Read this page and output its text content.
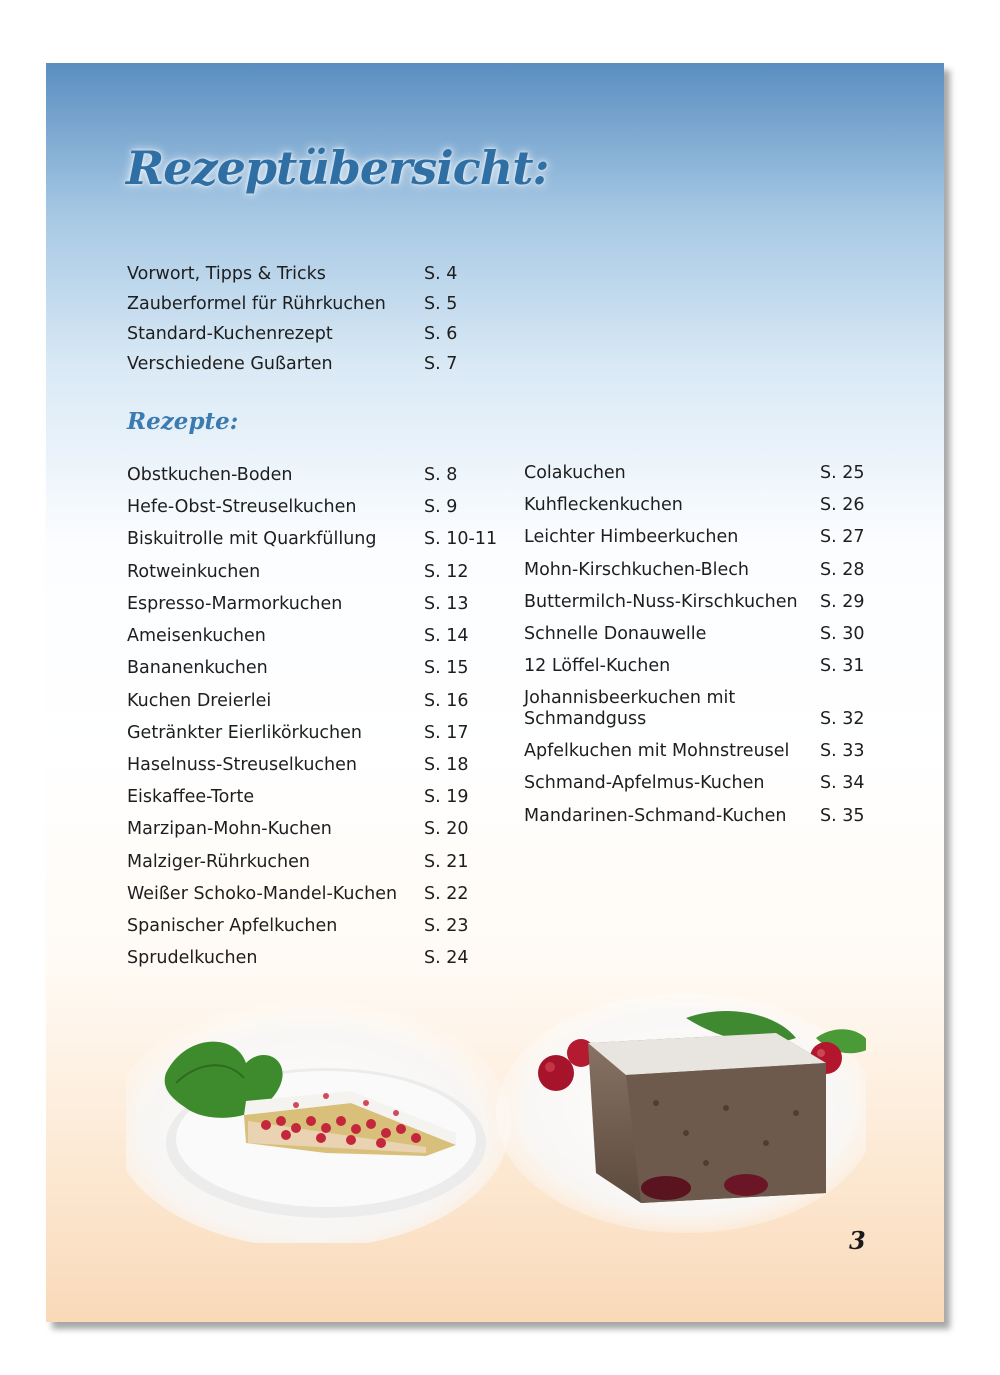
Rezeptübersicht:
Vorwort, Tipps & Tricks	S. 4
Zauberformel für Rührkuchen S. 5
Standard-Kuchenrezept	S. 6
Verschiedene Gußarten	S. 7
Rezepte:
Obstkuchen-Boden	S. 8
Hefe-Obst-Streuselkuchen	S. 9
Biskuitrolle mit Quarkfüllung	S. 10-11
Rotweinkuchen	S. 12
Espresso-Marmorkuchen	S. 13
Ameisenkuchen	S. 14
Bananenkuchen	S. 15
Kuchen Dreierlei	S. 16
Getränkter Eierlikörkuchen	S. 17
Haselnuss-Streuselkuchen	S. 18
Eiskaffee-Torte	S. 19
Marzipan-Mohn-Kuchen	S. 20
Malziger-Rührkuchen	S. 21
Weißer Schoko-Mandel-Kuchen S. 22
Spanischer Apfelkuchen	S. 23
Sprudelkuchen	S. 24
Colakuchen	S. 25
Kuhfleckenkuchen	S. 26
Leichter Himbeerkuchen	S. 27
Mohn-Kirschkuchen-Blech	S. 28
Buttermilch-Nuss-Kirschkuchen S. 29
Schnelle Donauwelle	S. 30
12 Löffel-Kuchen	S. 31
Johannisbeerkuchen mit Schmandguss	S. 32
Apfelkuchen mit Mohnstreusel S. 33
Schmand-Apfelmus-Kuchen	S. 34
Mandarinen-Schmand-Kuchen S. 35
3
